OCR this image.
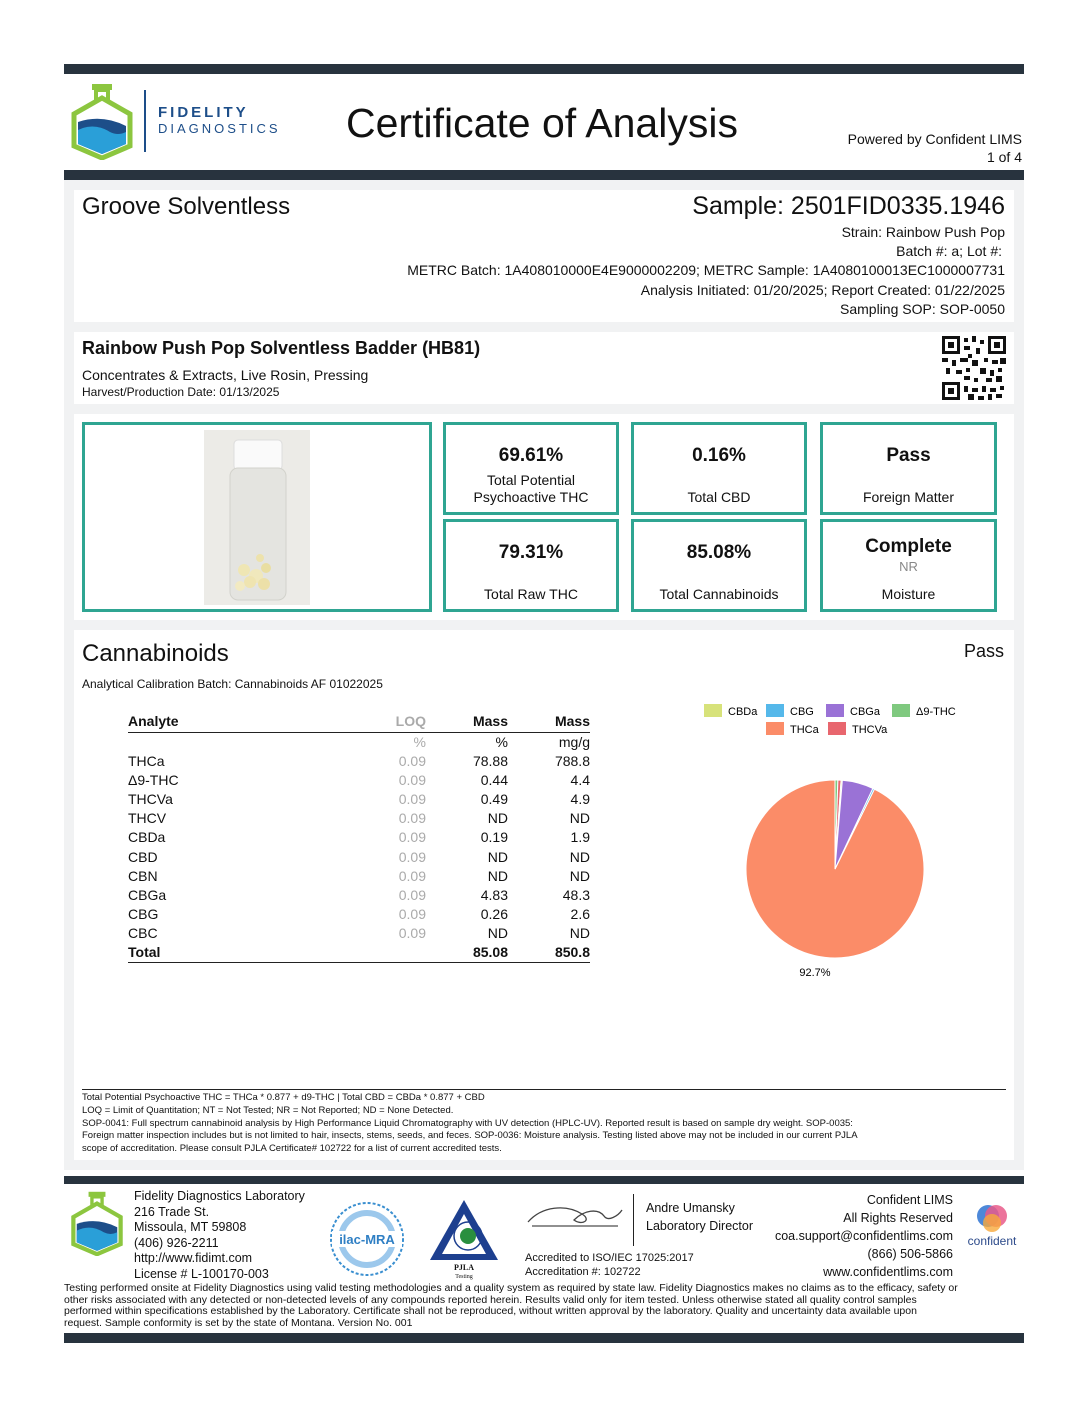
FIDELITY
DIAGNOSTICS Certificate of Analysis	Powered by Confident LIMS
1 of 4
Groove Solventless	Sample: 2501FID0335.1946
Strain: Rainbow Push Pop
Batch #: a; Lot #:
METRC Batch: 1A408010000E4E9000002209; METRC Sample: 1A4080100013EC1000007731
Analysis Initiated: 01/20/2025; Report Created: 01/22/2025
Sampling SOP: SOP-0050
Rainbow Push Pop Solventless Badder (HB81)
Concentrates & Extracts, Live Rosin, Pressing
Harvest/Production Date: 01/13/2025
69.61%
Total Potential
Psychoactive THC
0.16%
Total CBD
Pass
Foreign Matter
79.31%
Total Raw THC
85.08%
Total Cannabinoids
Complete
NR
Moisture
Cannabinoids	Pass
Analytical Calibration Batch: Cannabinoids AF 01022025
Analyte	LOQ	Mass	Mass
	%	%	mg/g
THCa	0.09	78.88	788.8
Δ9-THC	0.09	0.44	4.4
THCVa	0.09	0.49	4.9
THCV	0.09	ND	ND
CBDa	0.09	0.19	1.9
CBD	0.09	ND	ND
CBN	0.09	ND	ND
CBGa	0.09	4.83	48.3
CBG	0.09	0.26	2.6
CBC	0.09	ND	ND
Total		85.08	850.8
CBDa	CBG	CBGa	Δ9-THC
THCa	THCVa
92.7%
Total Potential Psychoactive THC = THCa * 0.877 + d9-THC | Total CBD = CBDa * 0.877 + CBD
LOQ = Limit of Quantitation; NT = Not Tested; NR = Not Reported; ND = None Detected.
SOP-0041: Full spectrum cannabinoid analysis by High Performance Liquid Chromatography with UV detection (HPLC-UV). Reported result is based on sample dry weight. SOP-0035:
Foreign matter inspection includes but is not limited to hair, insects, stems, seeds, and feces. SOP-0036: Moisture analysis. Testing listed above may not be included in our current PJLA
scope of accreditation. Please consult PJLA Certificate# 102722 for a list of current accredited tests.
Fidelity Diagnostics Laboratory
216 Trade St.
Missoula, MT 59808
(406) 926-2211
http://www.fidimt.com
License # L-100170-003
ilac-MRA
PJLA
Testing
Andre Umansky
Laboratory Director
Accredited to ISO/IEC 17025:2017
Accreditation #: 102722
Confident LIMS
All Rights Reserved
coa.support@confidentlims.com
(866) 506-5866
www.confidentlims.com
confident
Testing performed onsite at Fidelity Diagnostics using valid testing methodologies and a quality system as required by state law. Fidelity Diagnostics makes no claims as to the efficacy, safety or
other risks associated with any detected or non-detected levels of any compounds reported herein. Results valid only for item tested. Unless otherwise stated all quality control samples
performed within specifications established by the Laboratory. Certificate shall not be reproduced, without written approval by the laboratory. Quality and uncertainty data available upon
request. Sample conformity is set by the state of Montana. Version No. 001
